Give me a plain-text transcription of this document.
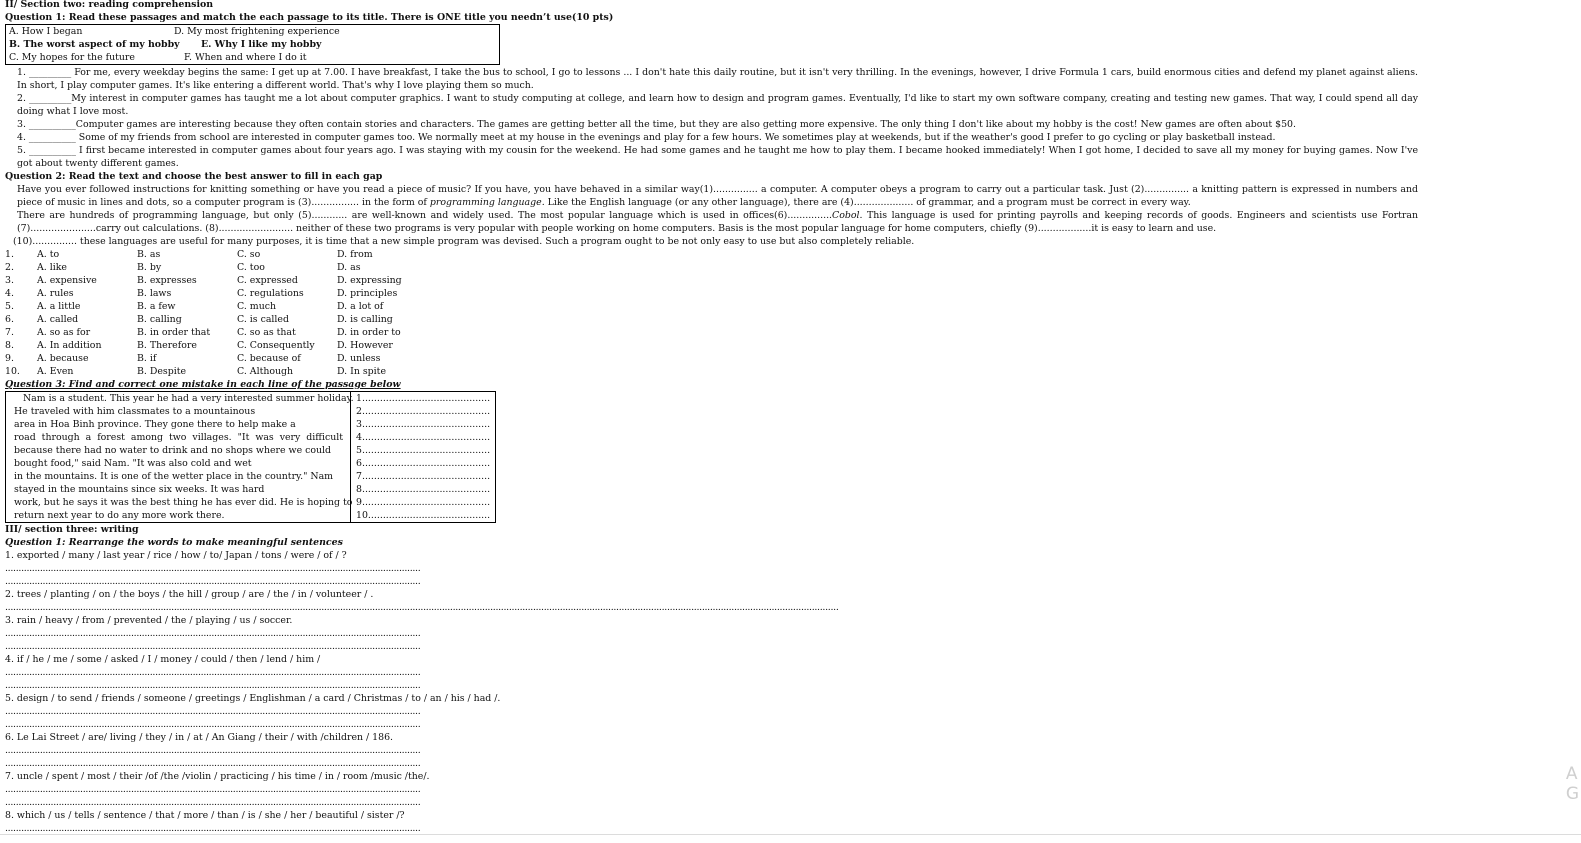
II/ Section two: reading comprehension
Question 1: Read these passages and match the each passage to its title. There is ONE title you needn’t use(10 pts)
A. How I began	D. My most frightening experience
B. The worst aspect of my hobby E. Why I like my hobby
C. My hopes for the future	F. When and where I do it

1. _________ For me, every weekday begins the same: I get up at 7.00. I have breakfast, I take the bus to school, I go to lessons ... I don't hate this daily routine, but it isn't very thrilling. In the evenings, however, I drive Formula 1 cars, build enormous cities and defend my planet against aliens. In short, I play computer games. It's like entering a different world. That's why I love playing them so much.

2. _________My interest in computer games has taught me a lot about computer graphics. I want to study computing at college, and learn how to design and program games. Eventually, I'd like to start my own software company, creating and testing new games. That way, I could spend all day doing what I love most.

3. __________Computer games are interesting because they often contain stories and characters. The games are getting better all the time, but they are also getting more expensive. The only thing I don't like about my hobby is the cost! New games are often about $50.

4. __________ Some of my friends from school are interested in computer games too. We normally meet at my house in the evenings and play for a few hours. We sometimes play at weekends, but if the weather's good I prefer to go cycling or play basketball instead.

5. __________ I first became interested in computer games about four years ago. I was staying with my cousin for the weekend. He had some games and he taught me how to play them. I became hooked immediately! When I got home, I decided to save all my money for buying games. Now I've got about twenty different games.

Question 2: Read the text and choose the best answer to fill in each gap

Have you ever followed instructions for knitting something or have you read a piece of music? If you have, you have behaved in a similar way(1)............... a computer. A computer obeys a program to carry out a particular task. Just (2)............... a knitting pattern is expressed in numbers and piece of music in lines and dots, so a computer program is (3)................ in the form of programming language. Like the English language (or any other language), there are (4).................... of grammar, and a program must be correct in every way.

There are hundreds of programming language, but only (5)............ are well-known and widely used. The most popular language which is used in offices(6)...............Cobol. This language is used for printing payrolls and keeping records of goods. Engineers and scientists use Fortran (7)......................carry out calculations. (8)......................... neither of these two programs is very popular with people working on home computers. Basis is the most popular language for home computers, chiefly (9)..................it is easy to learn and use.

(10)............... these languages are useful for many purposes, it is time that a new simple program was devised. Such a program ought to be not only easy to use but also completely reliable.

1.	A. to	B. as	C. so	D. from
2.	A. like	B. by	C. too	D. as
3.	A. expensive	B. expresses	C. expressed	D. expressing
4.	A. rules	B. laws	C. regulations	D. principles
5.	A. a little	B. a few	C. much	D. a lot of
6.	A. called	B. calling	C. is called	D. is calling
7.	A. so as for	B. in order that	C. so as that	D. in order to
8.	A. In addition	B. Therefore	C. Consequently	D. However
9.	A. because	B. if	C. because of	D. unless
10.	A. Even	B. Despite	C. Although	D. In spite
Question 3: Find and correct one mistake in each line of the passage below
Nam is a student. This year he had a very interested summer holiday.
He traveled with him classmates to a mountainous
area in Hoa Binh province. They gone there to help make a
road  through  a  forest  among  two  villages.  "It  was  very  difficult
because there had no water to drink and no shops where we could
bought food," said Nam. "It was also cold and wet
in the mountains. It is one of the wetter place in the country." Nam
stayed in the mountains since six weeks. It was hard
work, but he says it was the best thing he has ever did. He is hoping to
return next year to do any more work there.
1...........................................
2...........................................
3...........................................
4...........................................
5...........................................
6...........................................
7...........................................
8...........................................
9...........................................
10.........................................
III/ section three: writing
Question 1: Rearrange the words to make meaningful sentences
1. exported / many / last year / rice / how / to/ Japan / tons / were / of / ?
...........................................................................................................................................................
...........................................................................................................................................................
2. trees / planting / on / the boys / the hill / group / are / the / in / volunteer / .
.......................................................................................................................................................................................................................................................................................................................
3. rain / heavy / from / prevented / the / playing / us / soccer.
...........................................................................................................................................................
...........................................................................................................................................................
4. if / he / me / some / asked / I / money / could / then / lend / him /
...........................................................................................................................................................
...........................................................................................................................................................
5. design / to send / friends / someone / greetings / Englishman / a card / Christmas / to / an / his / had /.
...........................................................................................................................................................
...........................................................................................................................................................
6. Le Lai Street / are/ living / they / in / at / An Giang / their / with /children / 186.
...........................................................................................................................................................
...........................................................................................................................................................
7. uncle / spent / most / their /of /the /violin / practicing / his time / in / room /music /the/.
...........................................................................................................................................................
...........................................................................................................................................................
8. which / us / tells / sentence / that / more / than / is / she / her / beautiful / sister /?
...........................................................................................................................................................
A
G
